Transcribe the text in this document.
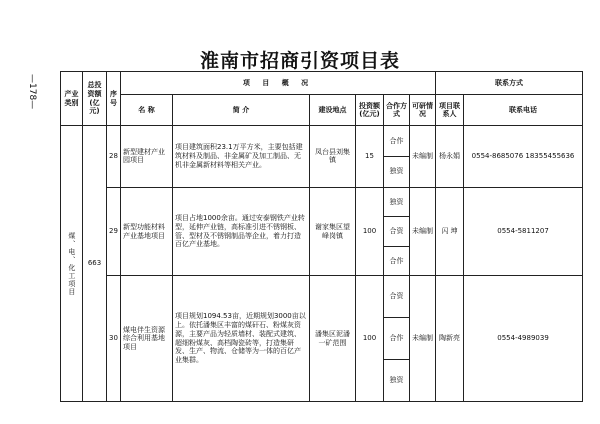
—178—
淮南市招商引资项目表
产业类别	总投资额(亿元)	序号	项 目 概 况						联系方式	
			名 称	简 介	建设地点	投资额(亿元)	合作方式	可研情况	项目联系人	联系电话

煤、电、化工项目	663	28	新型建材产业园项目	项目建筑面积23.1万平方米，主要包括建筑材料及制品、非金属矿及加工制品、无机非金属新材料等相关产业。	凤台县刘集镇	15	合作	未编制	杨永娟	0554-8685076 18355455636
							独资			
		29	新型功能材料产业基地项目	项目占地1000余亩。通过安泰钢铁产业转型，延伸产业链，高标准引进不锈钢板、管、型材及不锈钢制品等企业，着力打造百亿产业基地。	谢家集区望峰岗镇	100	独资	未编制	闪 坤	0554-5811207
							合资			
							合作			
		30	煤电伴生资源综合利用基地项目	项目规划1094.53亩，近期规划3000亩以上。依托潘集区丰富的煤矸石、粉煤灰资源，主要产品为轻质墙材、装配式建筑、超细粉煤灰、高档陶瓷砖等，打造集研发、生产、物流、仓储等为一体的百亿产业集群。	潘集区泥潘一矿范围	100	合资	未编制	陶新亮	0554-4989039
							合作			
							独资			
